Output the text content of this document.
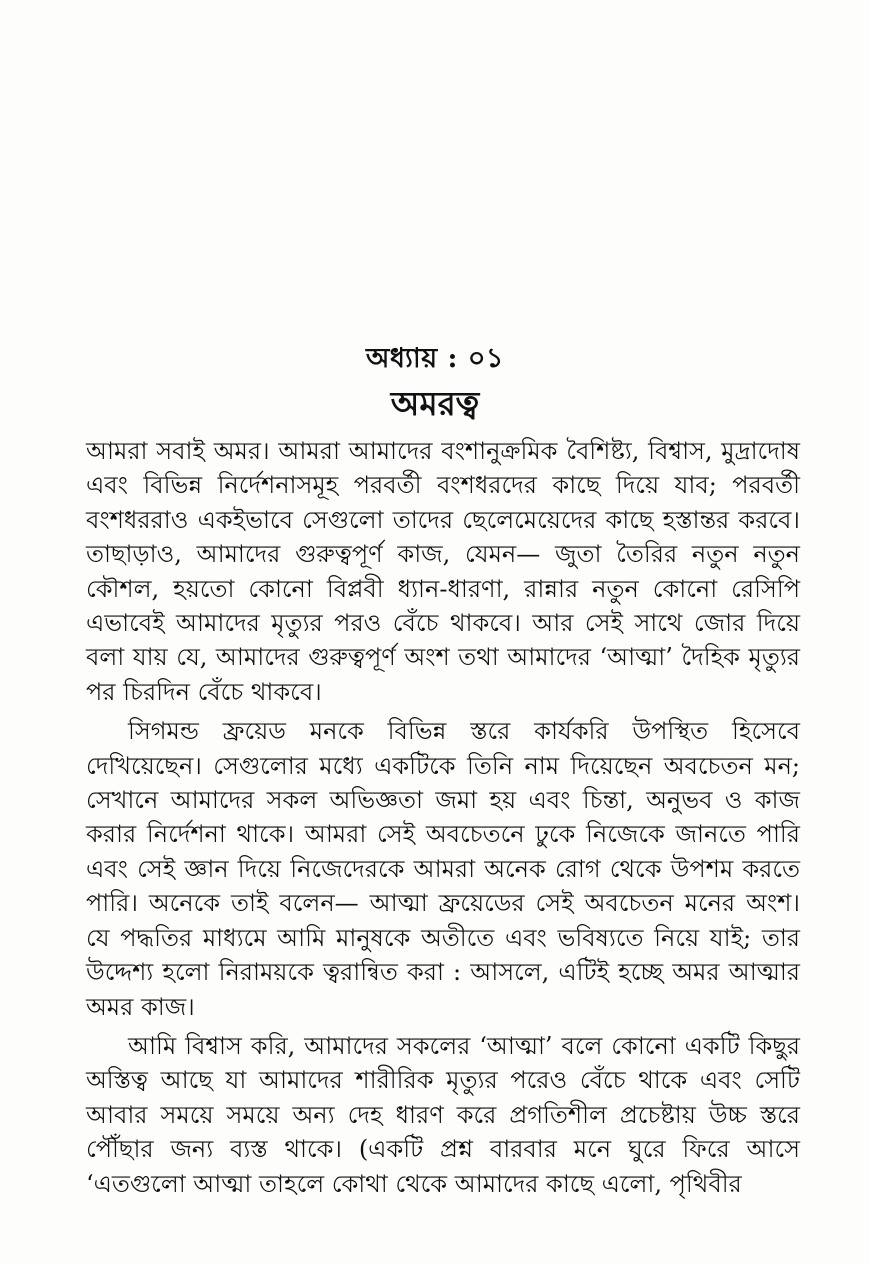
অধ্যায় : ০১
অমরত্ব

আমরা সবাই অমর। আমরা আমাদের বংশানুক্রমিক বৈশিষ্ট্য, বিশ্বাস, মুদ্রাদোষ এবং বিভিন্ন নির্দেশনাসমূহ পরবর্তী বংশধরদের কাছে দিয়ে যাব; পরবর্তী বংশধররাও একইভাবে সেগুলো তাদের ছেলেমেয়েদের কাছে হস্তান্তর করবে। তাছাড়াও, আমাদের গুরুত্বপূর্ণ কাজ, যেমন— জুতা তৈরির নতুন নতুন কৌশল, হয়তো কোনো বিপ্লবী ধ্যান-ধারণা, রান্নার নতুন কোনো রেসিপি এভাবেই আমাদের মৃত্যুর পরও বেঁচে থাকবে। আর সেই সাথে জোর দিয়ে বলা যায় যে, আমাদের গুরুত্বপূর্ণ অংশ তথা আমাদের ‘আত্মা’ দৈহিক মৃত্যুর পর চিরদিন বেঁচে থাকবে।

সিগমন্ড ফ্রয়েড মনকে বিভিন্ন স্তরে কার্যকরি উপস্থিত হিসেবে দেখিয়েছেন। সেগুলোর মধ্যে একটিকে তিনি নাম দিয়েছেন অবচেতন মন; সেখানে আমাদের সকল অভিজ্ঞতা জমা হয় এবং চিন্তা, অনুভব ও কাজ করার নির্দেশনা থাকে। আমরা সেই অবচেতনে ঢুকে নিজেকে জানতে পারি এবং সেই জ্ঞান দিয়ে নিজেদেরকে আমরা অনেক রোগ থেকে উপশম করতে পারি। অনেকে তাই বলেন— আত্মা ফ্রয়েডের সেই অবচেতন মনের অংশ। যে পদ্ধতির মাধ্যমে আমি মানুষকে অতীতে এবং ভবিষ্যতে নিয়ে যাই; তার উদ্দেশ্য হলো নিরাময়কে ত্বরান্বিত করা : আসলে, এটিই হচ্ছে অমর আত্মার অমর কাজ।

আমি বিশ্বাস করি, আমাদের সকলের ‘আত্মা’ বলে কোনো একটি কিছুর অস্তিত্ব আছে যা আমাদের শারীরিক মৃত্যুর পরেও বেঁচে থাকে এবং সেটি আবার সময়ে সময়ে অন্য দেহ ধারণ করে প্রগতিশীল প্রচেষ্টায় উচ্চ স্তরে পৌঁছার জন্য ব্যস্ত থাকে। (একটি প্রশ্ন বারবার মনে ঘুরে ফিরে আসে ‘এতগুলো আত্মা তাহলে কোথা থেকে আমাদের কাছে এলো, পৃথিবীর
